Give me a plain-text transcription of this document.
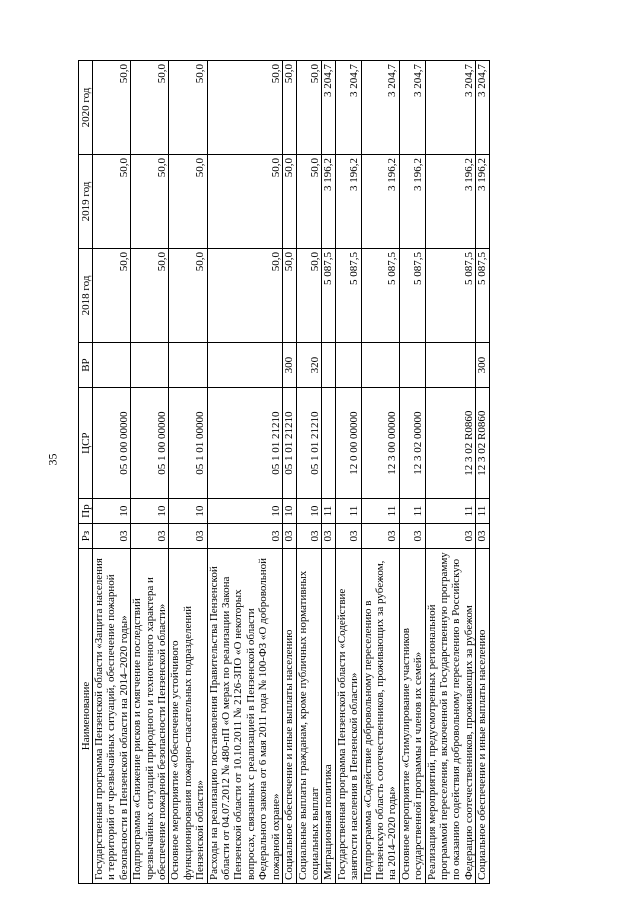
35
Наименование	Рз	Пр	ЦСР	ВР	2018 год	2019 год	2020 год
Государственная программа Пензенской области «Защита населения и территорий от чрезвычайных ситуаций, обеспечение пожарной безопасности в Пензенской области на 2014–2020 годы»	03	10	05 0 00 00000		50,0	50,0	50,0
Подпрограмма «Снижение рисков и смягчение последствий чрезвычайных ситуаций природного и техногенного характера и обеспечение пожарной безопасности Пензенской области»	03	10	05 1 00 00000		50,0	50,0	50,0
Основное мероприятие «Обеспечение устойчивого функционирования пожарно-спасательных подразделений Пензенской области»	03	10	05 1 01 00000		50,0	50,0	50,0
Расходы на реализацию постановления Правительства Пензенской области от 04.07.2012 № 480-пП «О мерах по реализации Закона Пензенской области от 10.10.2011 № 2126-ЗПО «О некоторых вопросах, связанных с реализацией в Пензенской области Федерального закона от 6 мая 2011 года № 100-ФЗ «О добровольной пожарной охране»	03	10	05 1 01 21210		50,0	50,0	50,0
Социальное обеспечение и иные выплаты населению	03	10	05 1 01 21210	300	50,0	50,0	50,0
Социальные выплаты гражданам, кроме публичных нормативных социальных выплат	03	10	05 1 01 21210	320	50,0	50,0	50,0
Миграционная политика	03	11			5 087,5	3 196,2	3 204,7
Государственная программа Пензенской области «Содействие занятости населения в Пензенской области»	03	11	12 0 00 00000		5 087,5	3 196,2	3 204,7
Подпрограмма «Содействие добровольному переселению в Пензенскую область соотечественников, проживающих за рубежом, на 2014–2020 годы»	03	11	12 3 00 00000		5 087,5	3 196,2	3 204,7
Основное мероприятие «Стимулирование участников государственной программы и членов их семей»	03	11	12 3 02 00000		5 087,5	3 196,2	3 204,7
Реализация мероприятий, предусмотренных региональной программой переселения, включенной в Государственную программу по оказанию содействия добровольному переселению в Российскую Федерацию соотечественников, проживающих за рубежом	03	11	12 3 02 R0860		5 087,5	3 196,2	3 204,7
Социальное обеспечение и иные выплаты населению	03	11	12 3 02 R0860	300	5 087,5	3 196,2	3 204,7
